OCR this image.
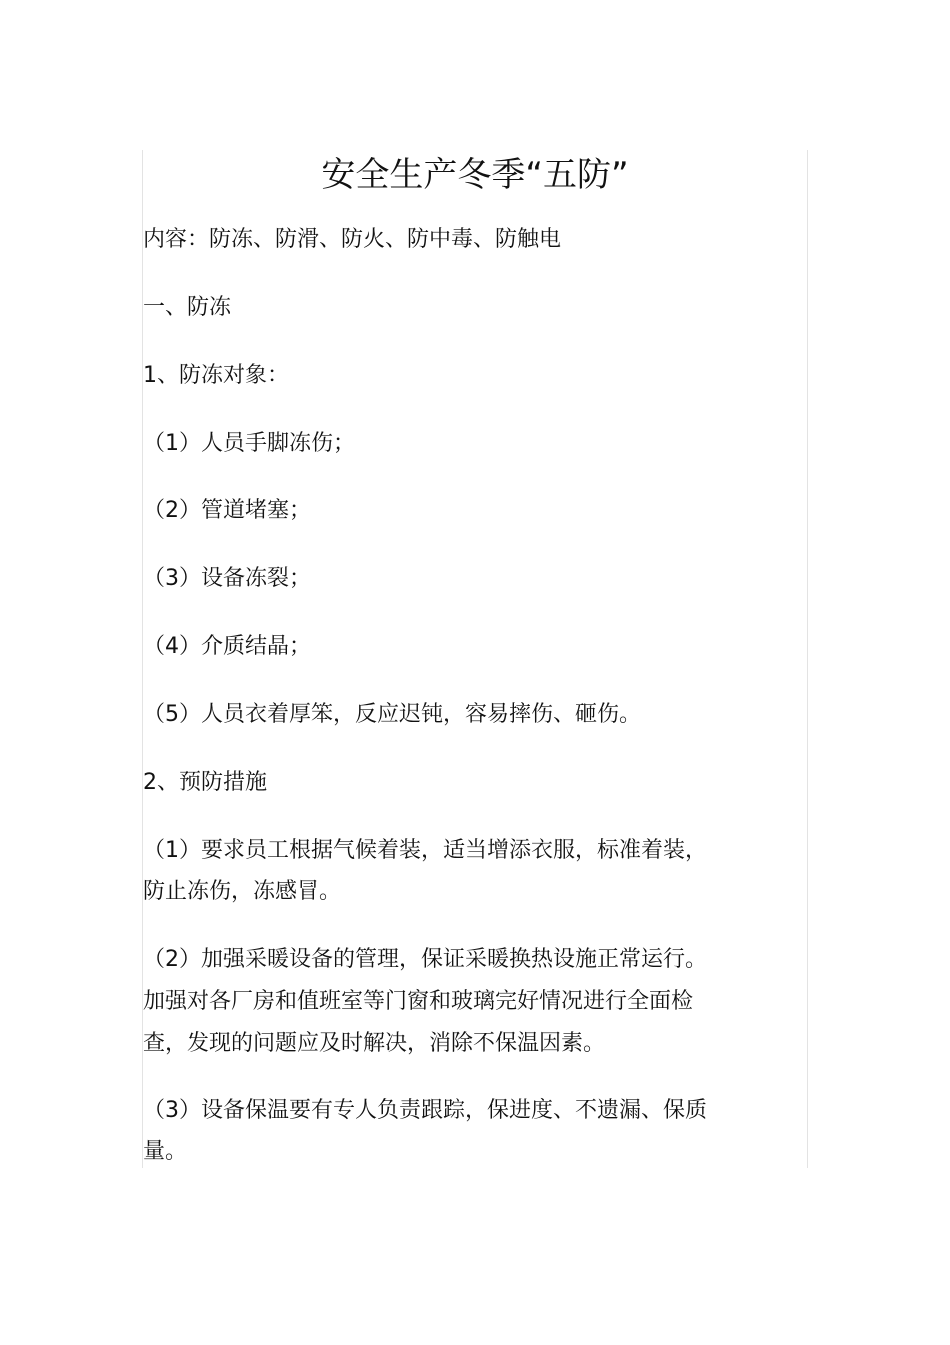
安全生产冬季“五防”
内容：防冻、防滑、防火、防中毒、防触电
一、防冻
1、防冻对象：
（1）人员手脚冻伤；
（2）管道堵塞；
（3）设备冻裂；
（4）介质结晶；
（5）人员衣着厚笨，反应迟钝，容易摔伤、砸伤。
2、预防措施
（1）要求员工根据气候着装，适当增添衣服，标准着装，
防止冻伤，冻感冒。
（2）加强采暖设备的管理，保证采暖换热设施正常运行。
加强对各厂房和值班室等门窗和玻璃完好情况进行全面检
查，发现的问题应及时解决，消除不保温因素。
（3）设备保温要有专人负责跟踪，保进度、不遗漏、保质
量。
